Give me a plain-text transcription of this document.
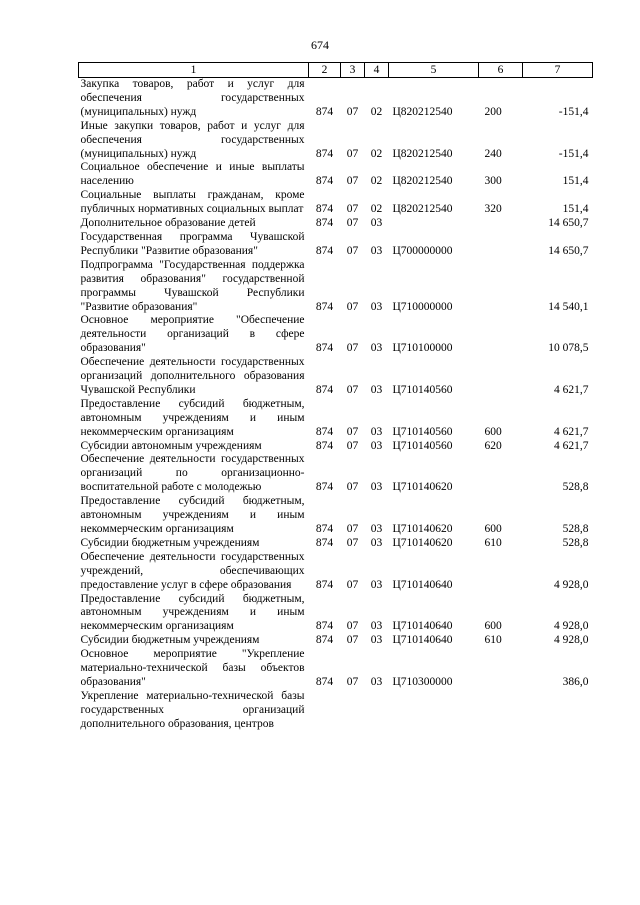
674
1	2	3	4	5	6	7
Закупка товаров, работ и услуг для обеспечения государственных (муниципальных) нужд	874	07	02	Ц820212540	200	-151,4
Иные закупки товаров, работ и услуг для обеспечения государственных (муниципальных) нужд	874	07	02	Ц820212540	240	-151,4
Социальное обеспечение и иные выплаты населению	874	07	02	Ц820212540	300	151,4
Социальные выплаты гражданам, кроме публичных нормативных социальных выплат	874	07	02	Ц820212540	320	151,4
Дополнительное образование детей	874	07	03			14 650,7
Государственная программа Чувашской Республики "Развитие образования"	874	07	03	Ц700000000		14 650,7
Подпрограмма "Государственная поддержка развития образования" государственной программы Чувашской Республики "Развитие образования"	874	07	03	Ц710000000		14 540,1
Основное мероприятие "Обеспечение деятельности организаций в сфере образования"	874	07	03	Ц710100000		10 078,5
Обеспечение деятельности государственных организаций дополнительного образования Чувашской Республики	874	07	03	Ц710140560		4 621,7
Предоставление субсидий бюджетным, автономным учреждениям и иным некоммерческим организациям	874	07	03	Ц710140560	600	4 621,7
Субсидии автономным учреждениям	874	07	03	Ц710140560	620	4 621,7
Обеспечение деятельности государственных организаций по организационно-воспитательной работе с молодежью	874	07	03	Ц710140620		528,8
Предоставление субсидий бюджетным, автономным учреждениям и иным некоммерческим организациям	874	07	03	Ц710140620	600	528,8
Субсидии бюджетным учреждениям	874	07	03	Ц710140620	610	528,8
Обеспечение деятельности государственных учреждений, обеспечивающих предоставление услуг в сфере образования	874	07	03	Ц710140640		4 928,0
Предоставление субсидий бюджетным, автономным учреждениям и иным некоммерческим организациям	874	07	03	Ц710140640	600	4 928,0
Субсидии бюджетным учреждениям	874	07	03	Ц710140640	610	4 928,0
Основное мероприятие "Укрепление материально-технической базы объектов образования"	874	07	03	Ц710300000		386,0
Укрепление материально-технической базы государственных организаций дополнительного образования, центров						
